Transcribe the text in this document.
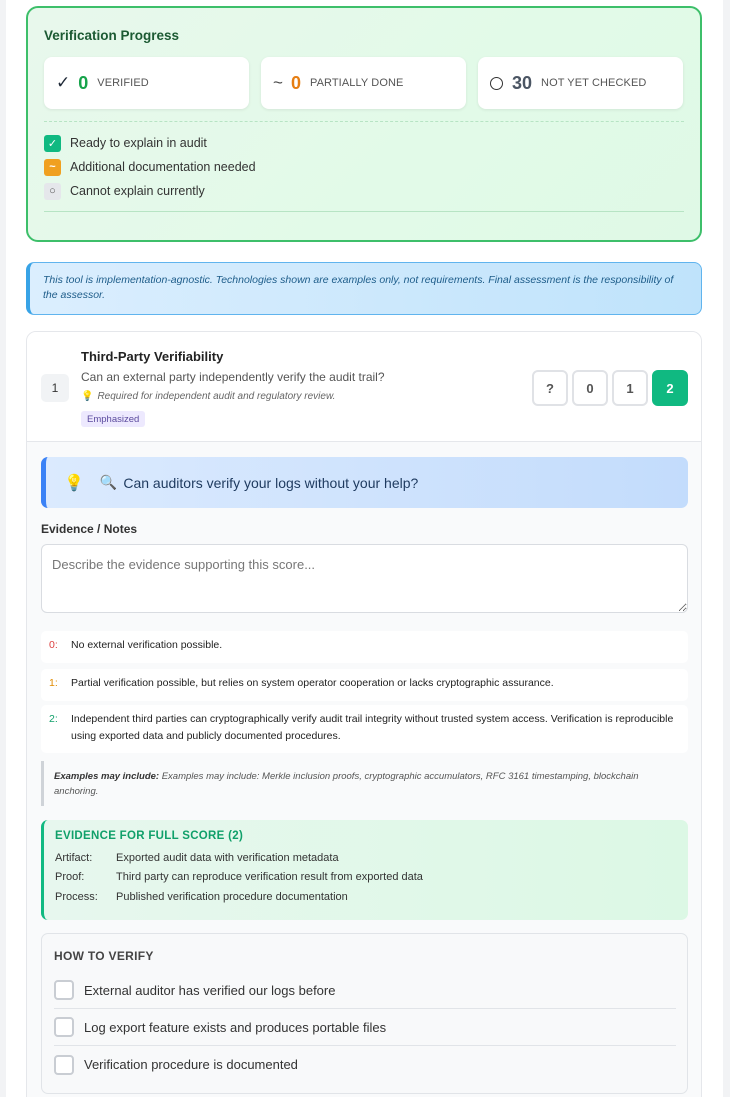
Verification Progress
✓ 0 VERIFIED	~ 0 PARTIALLY DONE	30 NOT YET CHECKED
✓	Ready to explain in audit
~	Additional documentation needed
○	Cannot explain currently
This tool is implementation-agnostic. Technologies shown are examples only, not requirements. Final assessment is the responsibility of the assessor.
1
Third-Party Verifiability
Can an external party independently verify the audit trail?
💡 Required for independent audit and regulatory review.
Emphasized
?	0	1	2
💡 🔍 Can auditors verify your logs without your help?
Evidence / Notes
Describe the evidence supporting this score...
0: No external verification possible.
1: Partial verification possible, but relies on system operator cooperation or lacks cryptographic assurance.
2: Independent third parties can cryptographically verify audit trail integrity without trusted system access. Verification is reproducible using exported data and publicly documented procedures.
Examples may include: Examples may include: Merkle inclusion proofs, cryptographic accumulators, RFC 3161 timestamping, blockchain anchoring.
EVIDENCE FOR FULL SCORE (2)
Artifact:	Exported audit data with verification metadata
Proof:	Third party can reproduce verification result from exported data
Process:	Published verification procedure documentation
HOW TO VERIFY
External auditor has verified our logs before
Log export feature exists and produces portable files
Verification procedure is documented
